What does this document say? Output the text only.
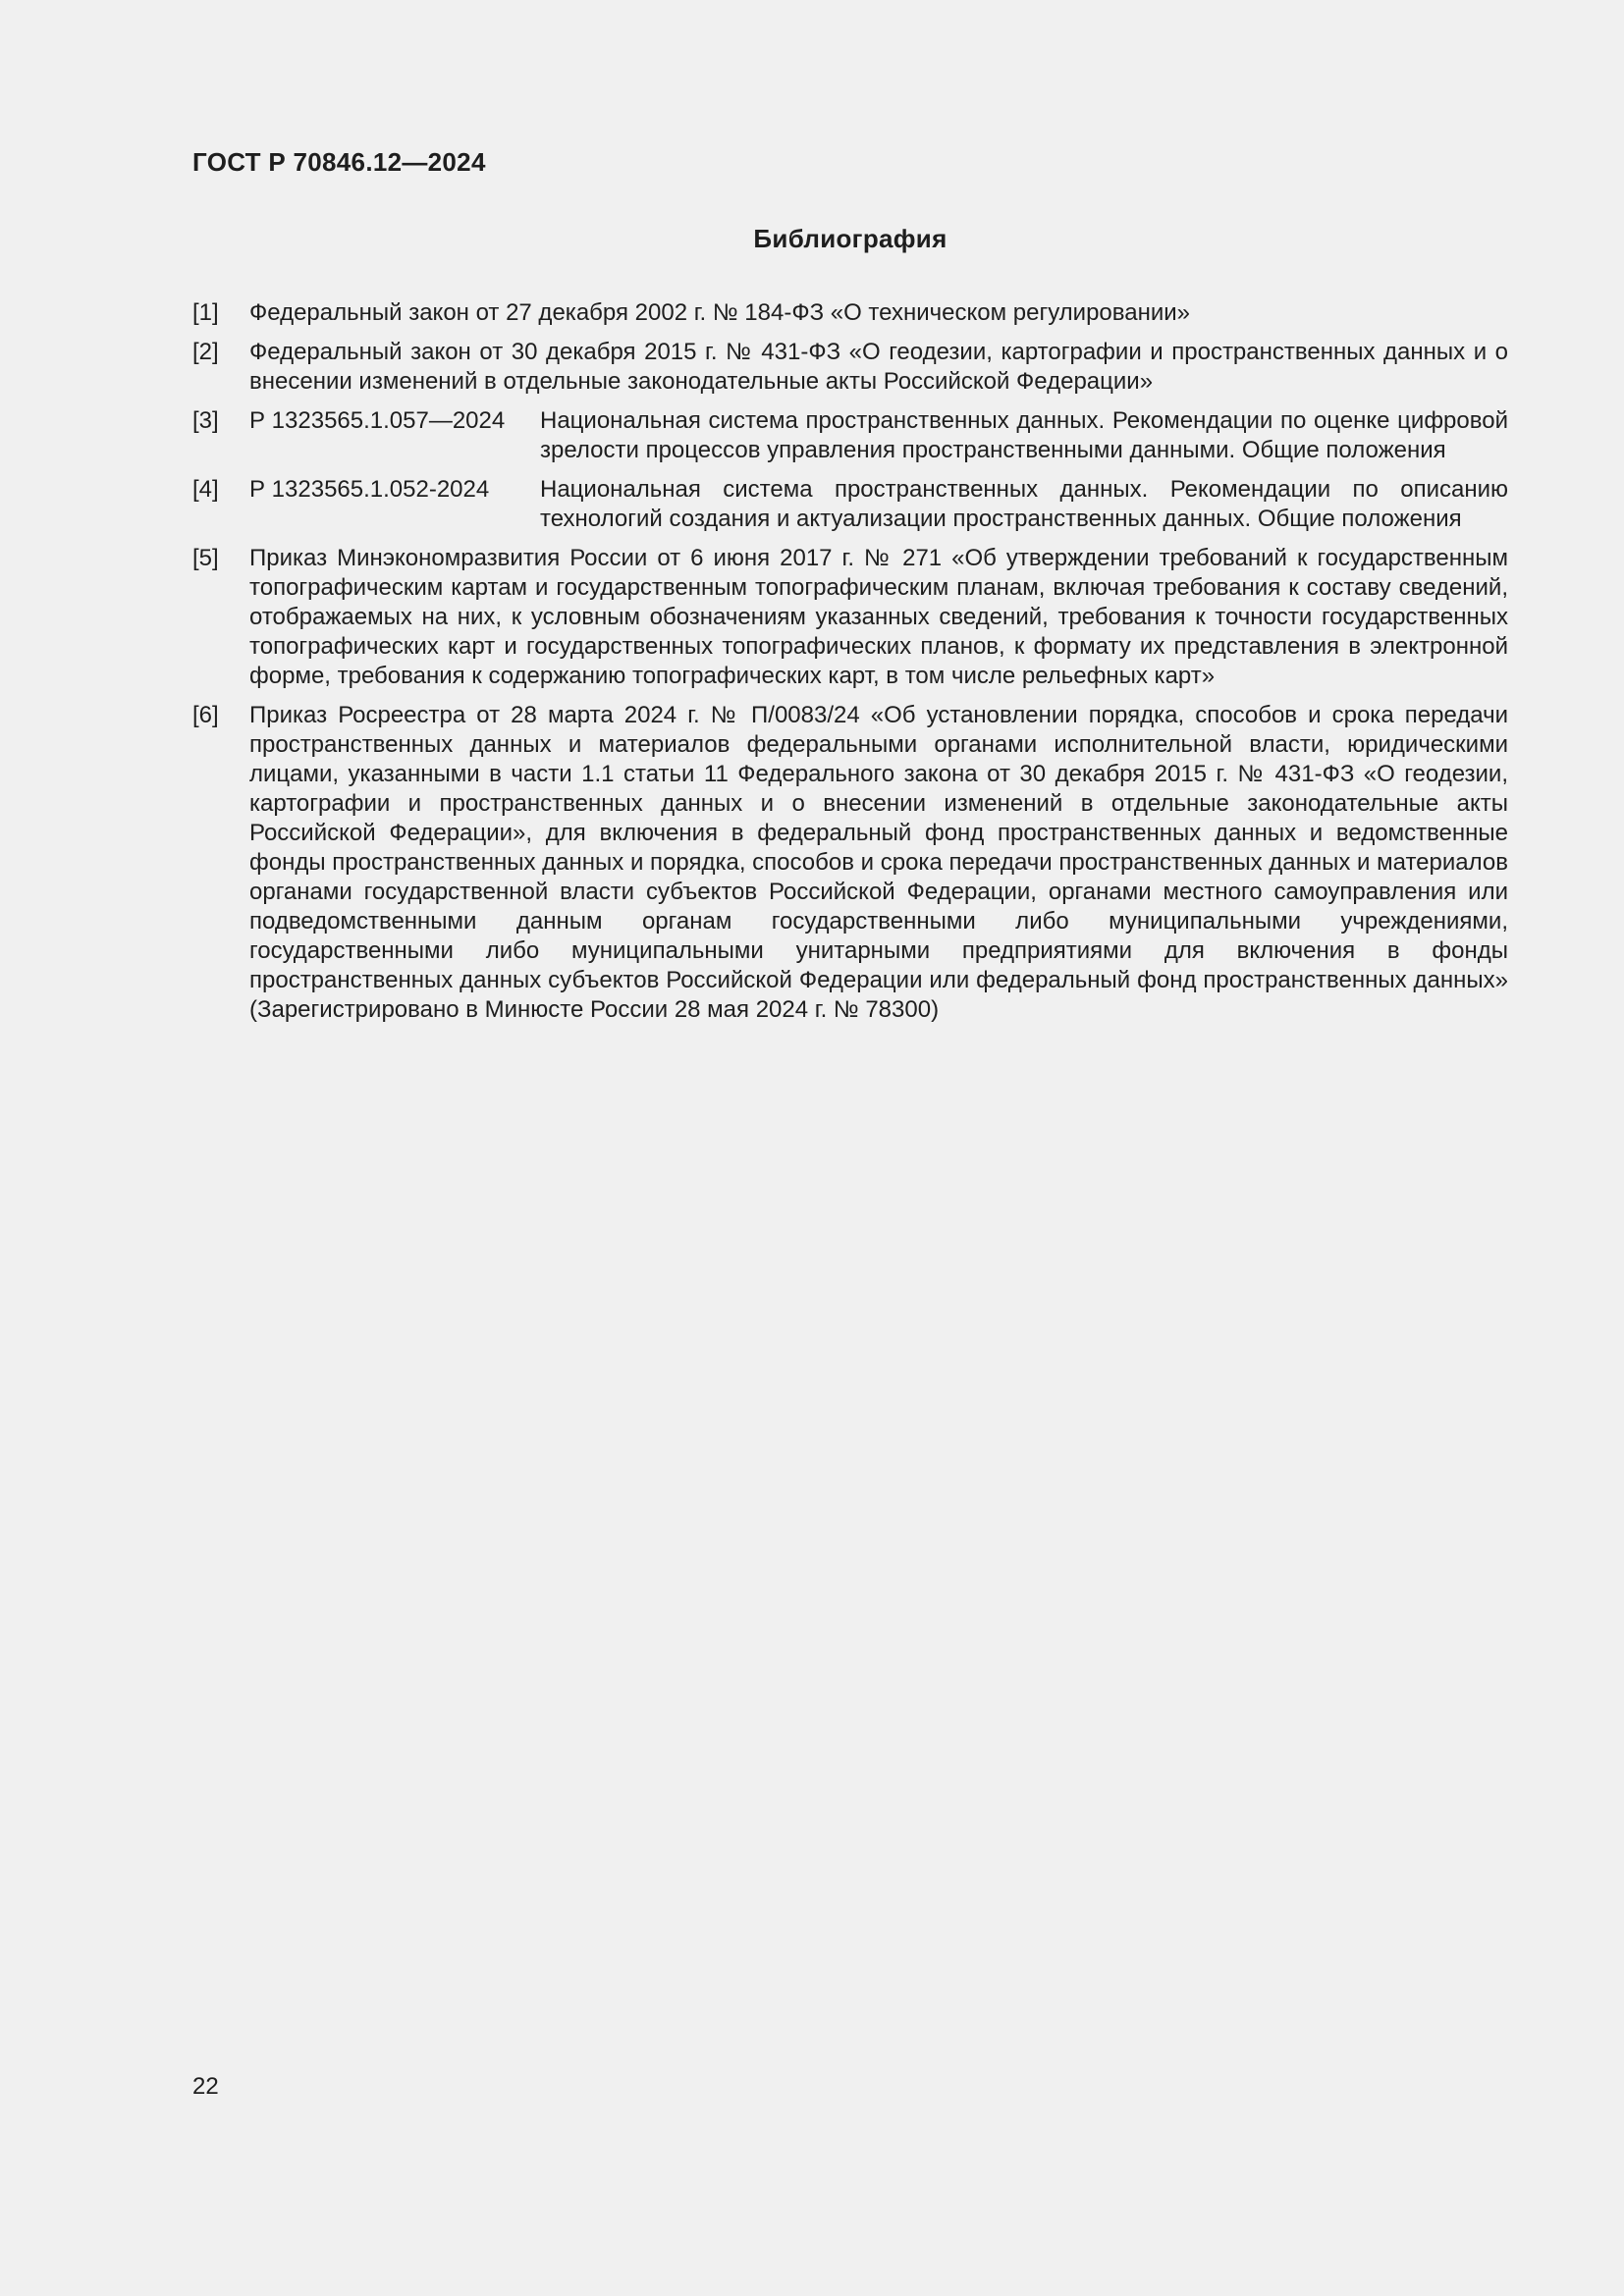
ГОСТ Р 70846.12—2024
Библиография
[1]	Федеральный закон от 27 декабря 2002 г. № 184-ФЗ «О техническом регулировании»
[2]	Федеральный закон от 30 декабря 2015 г. № 431-ФЗ «О геодезии, картографии и пространственных данных и о внесении изменений в отдельные законодательные акты Российской Федерации»
[3]	Р 1323565.1.057—2024	Национальная система пространственных данных. Рекомендации по оценке цифровой зрелости процессов управления пространственными данными. Общие положения
[4]	Р 1323565.1.052-2024	Национальная система пространственных данных. Рекомендации по описанию технологий создания и актуализации пространственных данных. Общие положения
[5]	Приказ Минэкономразвития России от 6 июня 2017 г. № 271 «Об утверждении требований к государственным топографическим картам и государственным топографическим планам, включая требования к составу сведений, отображаемых на них, к условным обозначениям указанных сведений, требования к точности государственных топографических карт и государственных топографических планов, к формату их представления в электронной форме, требования к содержанию топографических карт, в том числе рельефных карт»
[6]	Приказ Росреестра от 28 марта 2024 г. № П/0083/24 «Об установлении порядка, способов и срока передачи пространственных данных и материалов федеральными органами исполнительной власти, юридическими лицами, указанными в части 1.1 статьи 11 Федерального закона от 30 декабря 2015 г. № 431-ФЗ «О геодезии, картографии и пространственных данных и о внесении изменений в отдельные законодательные акты Российской Федерации», для включения в федеральный фонд пространственных данных и ведомственные фонды пространственных данных и порядка, способов и срока передачи пространственных данных и материалов органами государственной власти субъектов Российской Федерации, органами местного самоуправления или подведомственными данным органам государственными либо муниципальными учреждениями, государственными либо муниципальными унитарными предприятиями для включения в фонды пространственных данных субъектов Российской Федерации или федеральный фонд пространственных данных» (Зарегистрировано в Минюсте России 28 мая 2024 г. № 78300)
22
